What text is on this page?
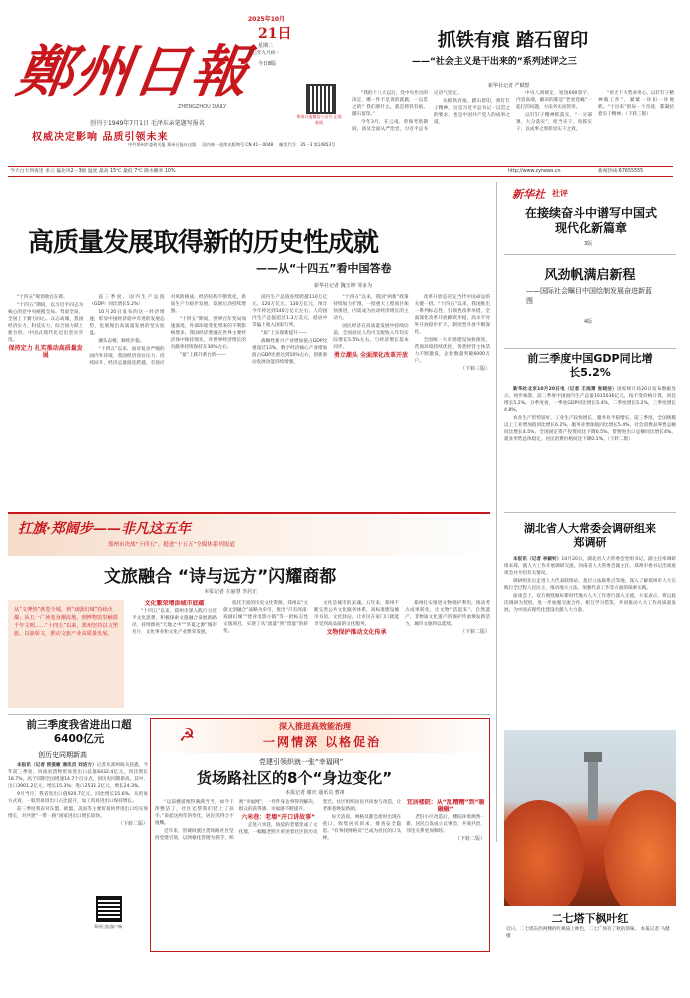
鄭州日報
ZHENGZHOU DAILY
创刊于1949年7月1日 毛泽东亲笔题写报名
权威决定影响 品质引领未来
2025年10月
21日
星期二
乙巳年九月初一
今日8版
郑州日报微信公众号 正观新闻
中共郑州市委机关报 郑州日报社出版 国内统一连续出版物号 CN 41－0048 邮发代号：35－3 第14853号
今天白天到夜里 多云 偏北风2－3级 温度 最高 15℃ 最低 7℃ 降水概率 10%	http://www.zynews.cn	新闻热线:67655555
抓铁有痕 踏石留印
——“社会主义是干出来的”系列述评之三
新华社记者 严赋憬

“我的十八大以后，党中央作出的决定，哪一件不是说的就做，一以贯之的？我们那什么，就是抓铁有痕、踏石留印。”

今年3月，在云南，曾保考察期间，谈及全面从严治党，习近平总书记语气坚定。

从抓铁有痕、踏石留印，到钉钉子精神，这是习近平总书记一以贯之的要求，也是中国共产党人的成事之道。

中央八项规定，短短600余字，内容高端，解决的都是“老虎苍蝇”一起打的问题，方法务实而管用。

以钉钉子精神抓落实，“一分部署，九分落实”，担当实干、真抓实干，以成事之果彰显实干之效。

“看天下大势多用心，以钉钉子精神做工作”，紧紧一环扣一环地抓。“干出来”的每一个奇迹，都凝结着实干精神。（下转三版）

高质量发展取得新的历史性成就
——从“十四五”看中国答卷
新华社记者 魏玉坤 邹多为

“十四五”规划收官在即。

“十四五”期间，以习近平同志为核心的党中央统揽全局、驾驭全局，全国上下勠力同心、众志成城，我国经济实力、科技实力、综合国力跃上新台阶，中国式现代化迈出坚实步伐。

保持定力 扎实推动高质量发展

前三季度，国内生产总值（GDP）同比增长5.2%！

10月20日发布的这一经济增速，彰显中国经济稳中有进的发展态势，也展现出高质量发展的坚实底盘。

潮头奋楫，蹄疾步稳。

“十四五”以来，面对复杂严峻的国内外环境，我国经济顶住压力、持续回升，经济总量接连跨越，有效应对风险挑战，经济结构不断优化，新质生产力稳步发展，发展后劲持续增强。

“十四五”期间，世界百年变局加速演进，外部环境变化带来的不利影响增多。我国经济增速在世界主要经济体中保持领先，对世界经济增长的贡献率持续保持在30%左右。

“量”上跃升新台阶——

国内生产总值连续跨越110万亿元、120万亿元、130万亿元，预计今年将达到140万亿元左右；人均国内生产总值超过1.3万美元，稳居中等偏上收入国家行列。

“质”上实现新提升——

战略性新兴产业增加值占GDP比重超过13%，数字经济核心产业增加值占GDP比重达到10%左右，创新驱动发展动能持续增强。

“十四五”以来，我国“两新”政策持续加力扩围，一批重大工程项目加快推进，内需成为拉动经济增长的主动力。

国民经济在高质量发展中持续向前，全国居民人均可支配收入年均实际增长5.5%左右，与经济增长基本同步。

勇立潮头 全面深化改革开放

改革开放是决定当代中国命运的关键一招。“十四五”以来，我国推出一系列标志性、引领性改革举措，全面深化改革开放蹄疾步稳，高水平对外开放稳步扩大，制度型开放不断深化。

全国统一大市场建设加快推进，营商环境持续优化，各类经营主体活力不断激发，企业数量突破6000万户。

（下转三版）

新华社 社评
在接续奋斗中谱写中国式现代化新篇章
3版
风劲帆满启新程
——国际社会瞩目中国绘制发展奋进新蓝图
4版
前三季度中国GDP同比增长5.2%

新华社北京10月20日电（记者 王雨萧 张晓洁）国家统计局20日发布数据显示，初步核算，前三季度中国国内生产总值1015036亿元，按不变价格计算，同比增长5.2%。分季度看，一季度GDP同比增长5.4%，二季度增长5.2%，三季度增长4.8%。

农业生产形势较好，工业生产较快增长，服务业平稳增长。前三季度，全国规模以上工业增加值同比增长6.2%，服务业增加值同比增长5.4%，社会消费品零售总额同比增长4.5%，全国固定资产投资同比下降0.5%，货物进出口总额同比增长4%。就业形势总体稳定，居民消费价格同比下降0.1%。（下转二版）

湖北省人大常委会调研组来郑调研

本报讯（记者 李颖钊）10月20日，湖北省人大常委会党组书记、副主任率调研组来郑，就人大工作开展调研交流。河南省人大常委会副主任、郑州市委书记出席座谈会并介绍有关情况。

调研组先后走进人大代表联络站、基层立法联系点等地，深入了解郑州市人大在践行全过程人民民主、推动地方立法、加强代表工作等方面的探索实践。

座谈会上，双方围绕做好新时代地方人大工作进行深入交流。大家表示，将以此次调研为契机，进一步加强交流合作，相互学习借鉴，共同推动人大工作高质量发展，为中国式现代化建设贡献人大力量。

二七塔下枫叶红
近日，二七塔东西两侧的红枫染上秋色，二七广场有了秋的韵味。 本报记者 马健 摄
扛旗·郑阔步——非凡这五年
郑州市决战“十四五”、挺进“十五五”全媒体系列报道
文旅融合 “诗与远方”闪耀商都
本报记者 左丽慧 李居正
从“文博热”席卷全城，到“戏剧幻城”持续火爆；从五一广场变身潮流地，到博物馆里触摸千年文明……“十四五”以来，郑州坚持以文塑旅、以旅彰文，推动文旅产业高质量发展。

文化繁荣增添城市底蕴

“十四五”以来，郑州市深入践行习近平文化思想，积极探索文旅融合发展新路径，持续擦亮“天地之中”“华夏之源”城市名片，文化事业和文化产业繁荣发展。

依托丰富的历史文化资源，郑州以“文旅文创融合”战略为牵引，推出“只有河南·戏剧幻城”“建业电影小镇”等一批标志性文旅项目，实现了从“流量”到“留量”的转变。

文化是城市的灵魂。五年来，郑州不断完善公共文化服务体系，高标准建设城市书房、文化驿站，让市民在家门口就能享受到高品质的文化服务。

文物保护推动文化传承

郑州扎实推进文物保护利用，推动考古成果转化，让文物“活起来”。自然遗产、非物质文化遗产的保护传承焕发新活力，城市文脉得以延续。

（下转二版）

前三季度我省进出口超6400亿元
创历史同期新高

本报讯（记者 侯爱敏 通讯员 刘洁方）记者从郑州海关获悉，今年前三季度，河南省货物贸易进出口总值6432.4亿元，同比增长18.7%，高于同期全国增速14.7个百分点，创历史同期新高。其中，出口3901.2亿元，增长15.3%；进口2531.2亿元，增长24.3%。

9月当月，我省进出口值920.7亿元，同比增长15.6%。从贸易方式看，一般贸易进出口占比提升，加工贸易进出口保持增长。

前三季度我省对东盟、欧盟、美国等主要贸易伙伴进出口均实现增长，对共建“一带一路”国家进出口增长较快。

（下转二版）

☭	深入推进高效能治理
一网情深 以格促治
党建引领织就一张“幸福网”
货场路社区的8个“身边变化”
本报记者 谢庆 通讯员 曹祖

“以前楼道堆得满满当当，如今干净整洁了，社区还帮我们装上了扶手。”说起这两年的变化，居民笑得合不拢嘴。

近年来，管城回族区货场路社区坚持党建引领，以网格化管理为抓手，织密“幸福网”，一件件身边事得到解决，群众的获得感、幸福感不断提升。

六米巷：老墙“开口讲故事”

走进六米巷，斑驳的老墙变成了文化墙，一幅幅老照片讲述着社区的历史变迁。社区组织居民共同参与改造，让老街巷焕发新颜。

每天清晨，网格员都会准时出现在巷口，收集居民诉求、排查安全隐患。“有事找网格员”已成为居民的口头禅。

宜居楼院：从“乱糟糟”到“暖融融”

老旧小区改造后，楼院环境焕然一新，居民自发成立议事会，共商共治，邻里关系更加和睦。

（下转二版）

郑州日报客户端
